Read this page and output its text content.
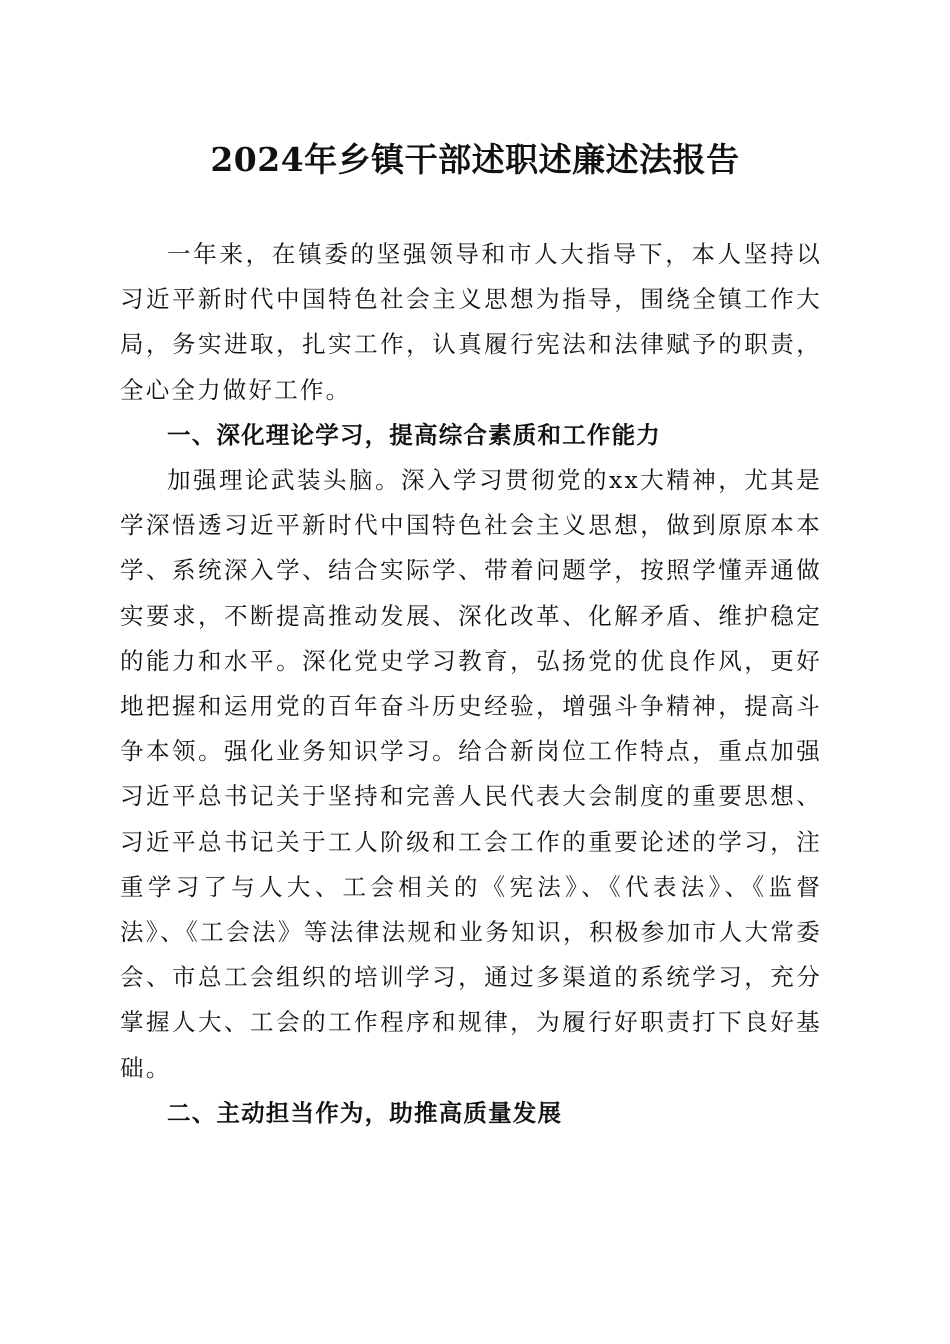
2024年乡镇干部述职述廉述法报告

一年来，在镇委的坚强领导和市人大指导下，本人坚持以习近平新时代中国特色社会主义思想为指导，围绕全镇工作大局，务实进取，扎实工作，认真履行宪法和法律赋予的职责，全心全力做好工作。

一、深化理论学习，提高综合素质和工作能力

加强理论武装头脑。深入学习贯彻党的xx大精神，尤其是学深悟透习近平新时代中国特色社会主义思想，做到原原本本学、系统深入学、结合实际学、带着问题学，按照学懂弄通做实要求，不断提高推动发展、深化改革、化解矛盾、维护稳定的能力和水平。深化党史学习教育，弘扬党的优良作风，更好地把握和运用党的百年奋斗历史经验，增强斗争精神，提高斗争本领。强化业务知识学习。给合新岗位工作特点，重点加强习近平总书记关于坚持和完善人民代表大会制度的重要思想、习近平总书记关于工人阶级和工会工作的重要论述的学习，注重学习了与人大、工会相关的《宪法》、《代表法》、《监督法》、《工会法》等法律法规和业务知识，积极参加市人大常委会、市总工会组织的培训学习，通过多渠道的系统学习，充分掌握人大、工会的工作程序和规律，为履行好职责打下良好基础。

二、主动担当作为，助推高质量发展
